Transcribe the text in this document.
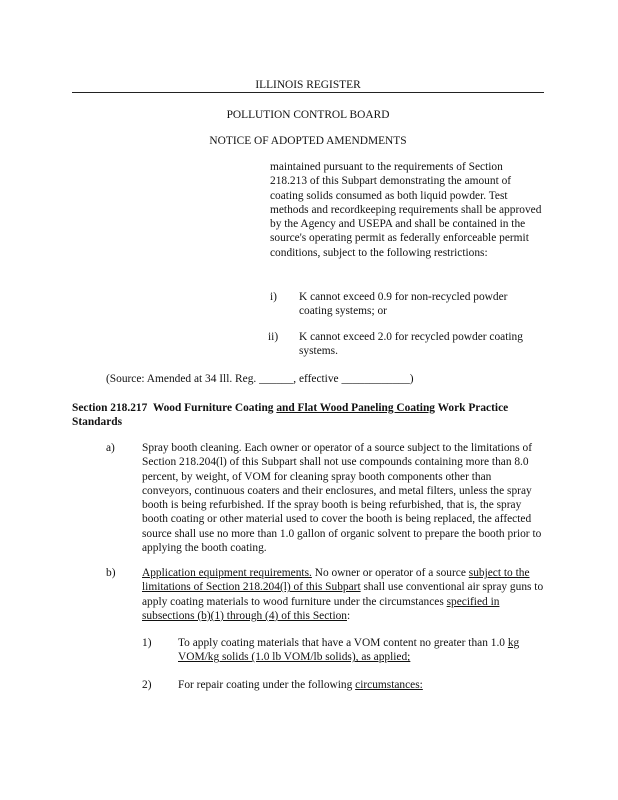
ILLINOIS REGISTER
POLLUTION CONTROL BOARD
NOTICE OF ADOPTED AMENDMENTS

maintained pursuant to the requirements of Section 218.213 of this Subpart demonstrating the amount of coating solids consumed as both liquid powder. Test methods and recordkeeping requirements shall be approved by the Agency and USEPA and shall be contained in the source's operating permit as federally enforceable permit conditions, subject to the following restrictions:

i) K cannot exceed 0.9 for non-recycled powder coating systems; or

ii) K cannot exceed 2.0 for recycled powder coating systems.

(Source: Amended at 34 Ill. Reg. ______, effective ____________)

Section 218.217 Wood Furniture Coating and Flat Wood Paneling Coating Work Practice Standards

a) Spray booth cleaning. Each owner or operator of a source subject to the limitations of Section 218.204(l) of this Subpart shall not use compounds containing more than 8.0 percent, by weight, of VOM for cleaning spray booth components other than conveyors, continuous coaters and their enclosures, and metal filters, unless the spray booth is being refurbished. If the spray booth is being refurbished, that is, the spray booth coating or other material used to cover the booth is being replaced, the affected source shall use no more than 1.0 gallon of organic solvent to prepare the booth prior to applying the booth coating.

b) Application equipment requirements. No owner or operator of a source subject to the limitations of Section 218.204(l) of this Subpart shall use conventional air spray guns to apply coating materials to wood furniture under the circumstances specified in subsections (b)(1) through (4) of this Section:

1) To apply coating materials that have a VOM content no greater than 1.0 kg VOM/kg solids (1.0 lb VOM/lb solids), as applied;

2) For repair coating under the following circumstances:
